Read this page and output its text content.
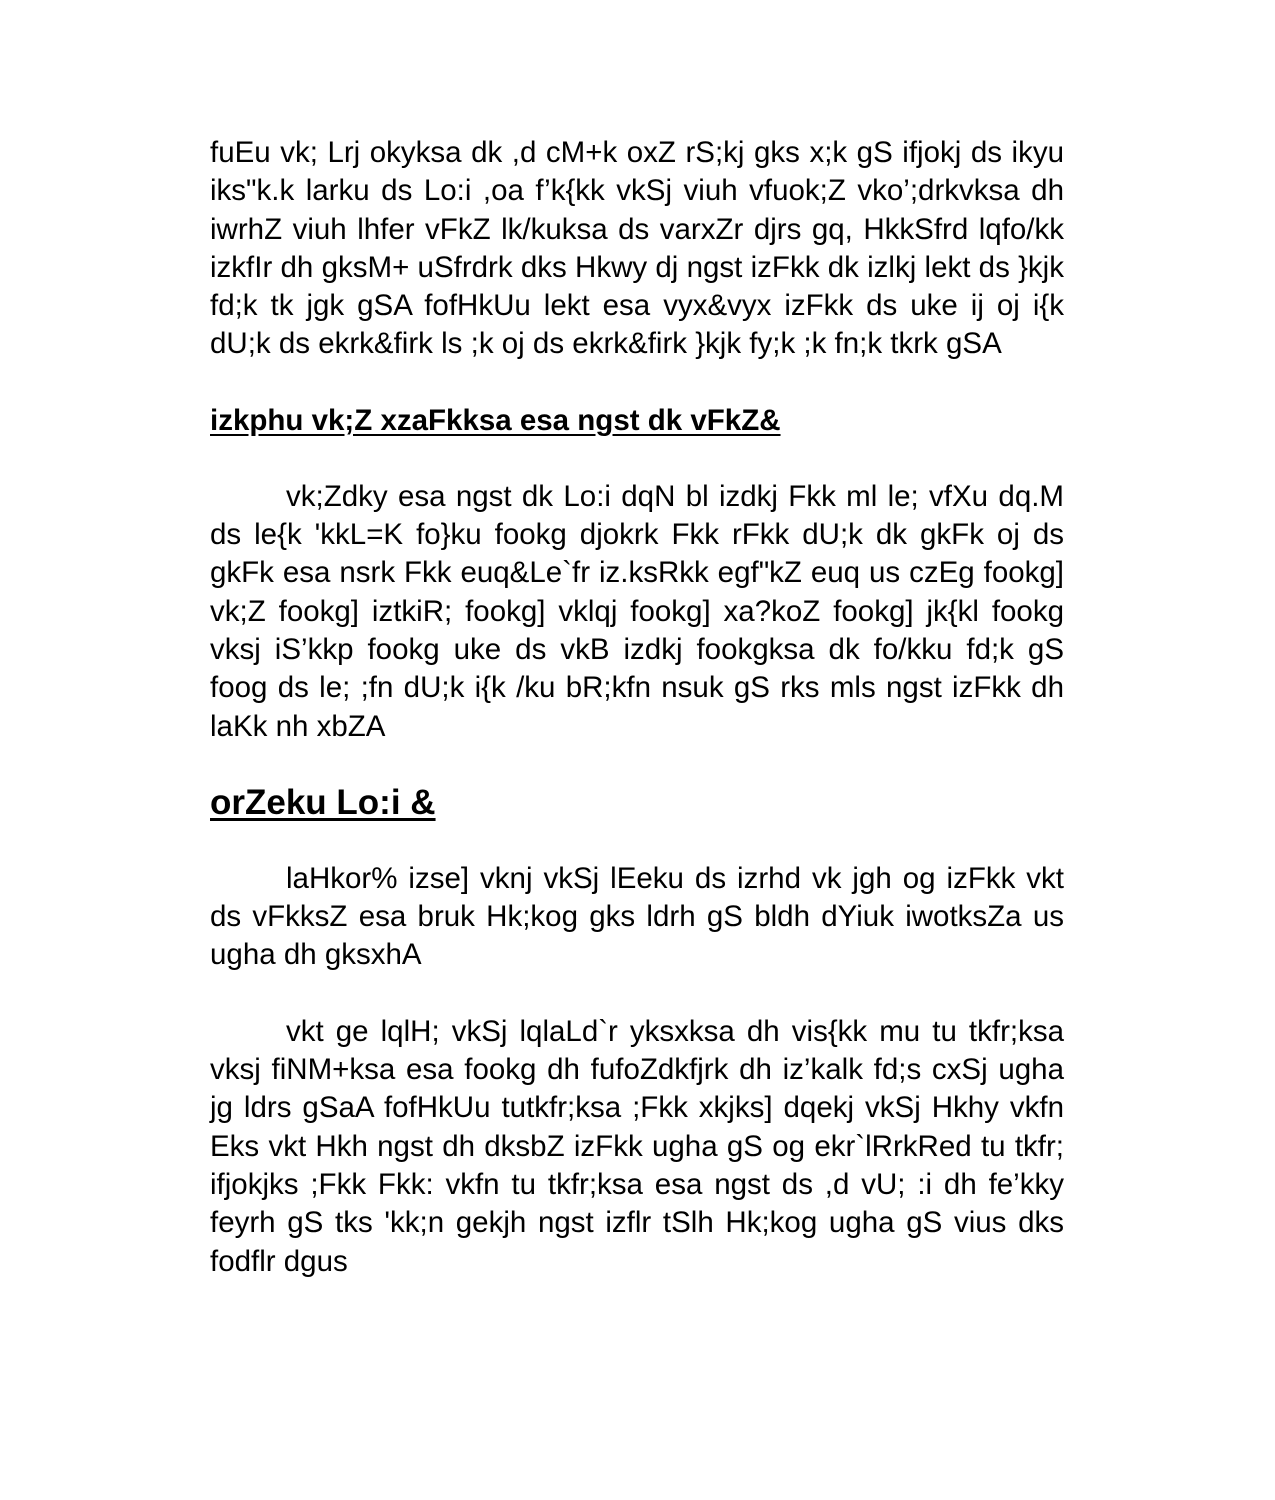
fuEu vk; Lrj okyksa dk ,d cM+k oxZ rS;kj gks x;k gS ifjokj ds ikyu iks"k.k larku ds Lo:i ,oa f’k{kk vkSj viuh vfuok;Z vko’;drkvksa dh iwrhZ viuh lhfer vFkZ lk/kuksa ds varxZr djrs gq, HkkSfrd lqfo/kk izkfIr dh gksM+ uSfrdrk dks Hkwy dj ngst izFkk dk izlkj lekt ds }kjk fd;k tk jgk gSA fofHkUu lekt esa vyx&vyx izFkk ds uke ij oj i{k dU;k ds ekrk&firk ls ;k oj ds ekrk&firk }kjk fy;k ;k fn;k tkrk gSA

izkphu vk;Z xzaFkksa esa ngst dk vFkZ&

vk;Zdky esa ngst dk Lo:i dqN bl izdkj Fkk ml le; vfXu dq.M ds le{k 'kkL=K fo}ku fookg djokrk Fkk rFkk dU;k dk gkFk oj ds gkFk esa nsrk Fkk euq&Le`fr iz.ksRkk egf"kZ euq us czEg fookg] vk;Z fookg] iztkiR; fookg] vklqj fookg] xa?koZ fookg] jk{kl fookg vksj iS’kkp fookg uke ds vkB izdkj fookgksa dk fo/kku fd;k gS foog ds le; ;fn dU;k i{k /ku bR;kfn nsuk gS rks mls ngst izFkk dh laKk nh xbZA

orZeku Lo:i &

laHkor% izse] vknj vkSj lEeku ds izrhd vk jgh og izFkk vkt ds vFkksZ esa bruk Hk;kog gks ldrh gS bldh dYiuk iwotksZa us ugha dh gksxhA

vkt ge lqlH; vkSj lqlaLd`r yksxksa dh vis{kk mu tu tkfr;ksa vksj fiNM+ksa esa fookg dh fufoZdkfjrk dh iz’kalk fd;s cxSj ugha jg ldrs gSaA fofHkUu tutkfr;ksa ;Fkk xkjks] dqekj vkSj Hkhy vkfn Eks vkt Hkh ngst dh dksbZ izFkk ugha gS og ekr`lRrkRed tu tkfr; ifjokjks ;Fkk Fkk: vkfn tu tkfr;ksa esa ngst ds ,d vU; :i dh fe’kky feyrh gS tks 'kk;n gekjh ngst izflr tSlh Hk;kog ugha gS vius dks fodflr dgus
